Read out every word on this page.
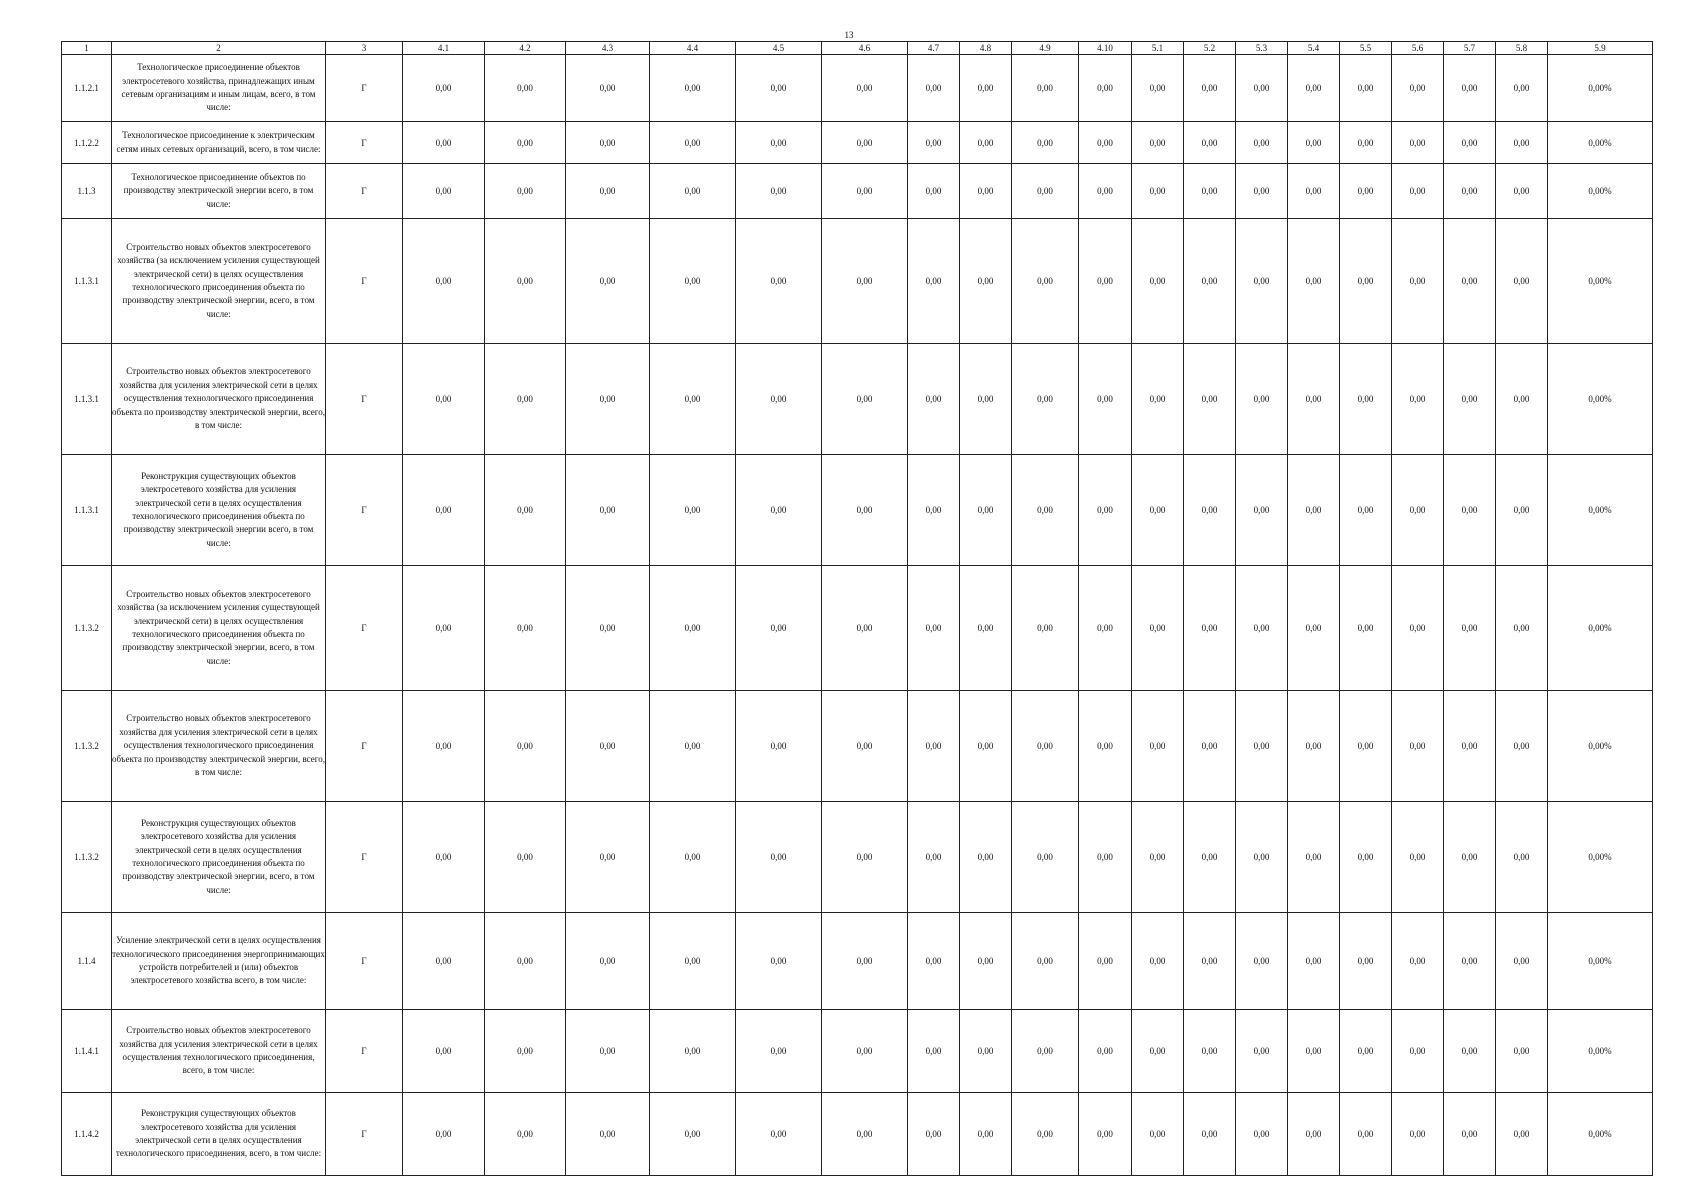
13
1	2	3	4.1	4.2	4.3	4.4	4.5	4.6	4.7	4.8	4.9	4.10	5.1	5.2	5.3	5.4	5.5	5.6	5.7	5.8	5.9
1.1.2.1	Технологическое присоединение объектов электросетевого хозяйства, принадлежащих иным сетевым организациям и иным лицам, всего, в том числе:	Г	0,00	0,00	0,00	0,00	0,00	0,00	0,00	0,00	0,00	0,00	0,00	0,00	0,00	0,00	0,00	0,00	0,00	0,00	0,00%
1.1.2.2	Технологическое присоединение к электрическим сетям иных сетевых организаций, всего, в том числе:	Г	0,00	0,00	0,00	0,00	0,00	0,00	0,00	0,00	0,00	0,00	0,00	0,00	0,00	0,00	0,00	0,00	0,00	0,00	0,00%
1.1.3	Технологическое присоединение объектов по производству электрической энергии всего, в том числе:	Г	0,00	0,00	0,00	0,00	0,00	0,00	0,00	0,00	0,00	0,00	0,00	0,00	0,00	0,00	0,00	0,00	0,00	0,00	0,00%
1.1.3.1	Строительство новых объектов электросетевого хозяйства (за исключением усиления существующей электрической сети) в целях осуществления технологического присоединения объекта по производству электрической энергии, всего, в том числе:	Г	0,00	0,00	0,00	0,00	0,00	0,00	0,00	0,00	0,00	0,00	0,00	0,00	0,00	0,00	0,00	0,00	0,00	0,00	0,00%
1.1.3.1	Строительство новых объектов электросетевого хозяйства для усиления электрической сети в целях осуществления технологического присоединения объекта по производству электрической энергии, всего, в том числе:	Г	0,00	0,00	0,00	0,00	0,00	0,00	0,00	0,00	0,00	0,00	0,00	0,00	0,00	0,00	0,00	0,00	0,00	0,00	0,00%
1.1.3.1	Реконструкция существующих объектов электросетевого хозяйства для усиления электрической сети в целях осуществления технологического присоединения объекта по производству электрической энергии всего, в том числе:	Г	0,00	0,00	0,00	0,00	0,00	0,00	0,00	0,00	0,00	0,00	0,00	0,00	0,00	0,00	0,00	0,00	0,00	0,00	0,00%
1.1.3.2	Строительство новых объектов электросетевого хозяйства (за исключением усиления существующей электрической сети) в целях осуществления технологического присоединения объекта по производству электрической энергии, всего, в том числе:	Г	0,00	0,00	0,00	0,00	0,00	0,00	0,00	0,00	0,00	0,00	0,00	0,00	0,00	0,00	0,00	0,00	0,00	0,00	0,00%
1.1.3.2	Строительство новых объектов электросетевого хозяйства для усиления электрической сети в целях осуществления технологического присоединения объекта по производству электрической энергии, всего, в том числе:	Г	0,00	0,00	0,00	0,00	0,00	0,00	0,00	0,00	0,00	0,00	0,00	0,00	0,00	0,00	0,00	0,00	0,00	0,00	0,00%
1.1.3.2	Реконструкция существующих объектов электросетевого хозяйства для усиления электрической сети в целях осуществления технологического присоединения объекта по производству электрической энергии, всего, в том числе:	Г	0,00	0,00	0,00	0,00	0,00	0,00	0,00	0,00	0,00	0,00	0,00	0,00	0,00	0,00	0,00	0,00	0,00	0,00	0,00%
1.1.4	Усиление электрической сети в целях осуществления технологического присоединения энергопринимающих устройств потребителей и (или) объектов электросетевого хозяйства всего, в том числе:	Г	0,00	0,00	0,00	0,00	0,00	0,00	0,00	0,00	0,00	0,00	0,00	0,00	0,00	0,00	0,00	0,00	0,00	0,00	0,00%
1.1.4.1	Строительство новых объектов электросетевого хозяйства для усиления электрической сети в целях осуществления технологического присоединения, всего, в том числе:	Г	0,00	0,00	0,00	0,00	0,00	0,00	0,00	0,00	0,00	0,00	0,00	0,00	0,00	0,00	0,00	0,00	0,00	0,00	0,00%
1.1.4.2	Реконструкция существующих объектов электросетевого хозяйства для усиления электрической сети в целях осуществления технологического присоединения, всего, в том числе:	Г	0,00	0,00	0,00	0,00	0,00	0,00	0,00	0,00	0,00	0,00	0,00	0,00	0,00	0,00	0,00	0,00	0,00	0,00	0,00%
